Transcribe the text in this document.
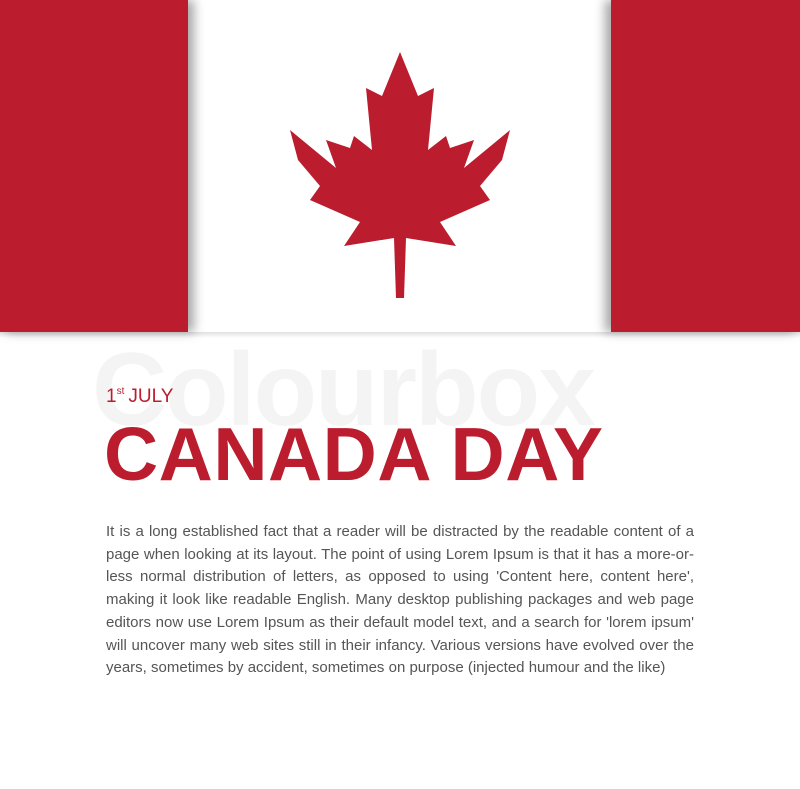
1st JULY
CANADA DAY

It is a long established fact that a reader will be distracted by the readable content of a page when looking at its layout. The point of using Lorem Ipsum is that it has a more-or-less normal distribution of letters, as opposed to using 'Content here, content here', making it look like readable English. Many desktop publishing packages and web page editors now use Lorem Ipsum as their default model text, and a search for 'lorem ipsum' will uncover many web sites still in their infancy. Various versions have evolved over the years, sometimes by accident, sometimes on purpose (injected humour and the like)
